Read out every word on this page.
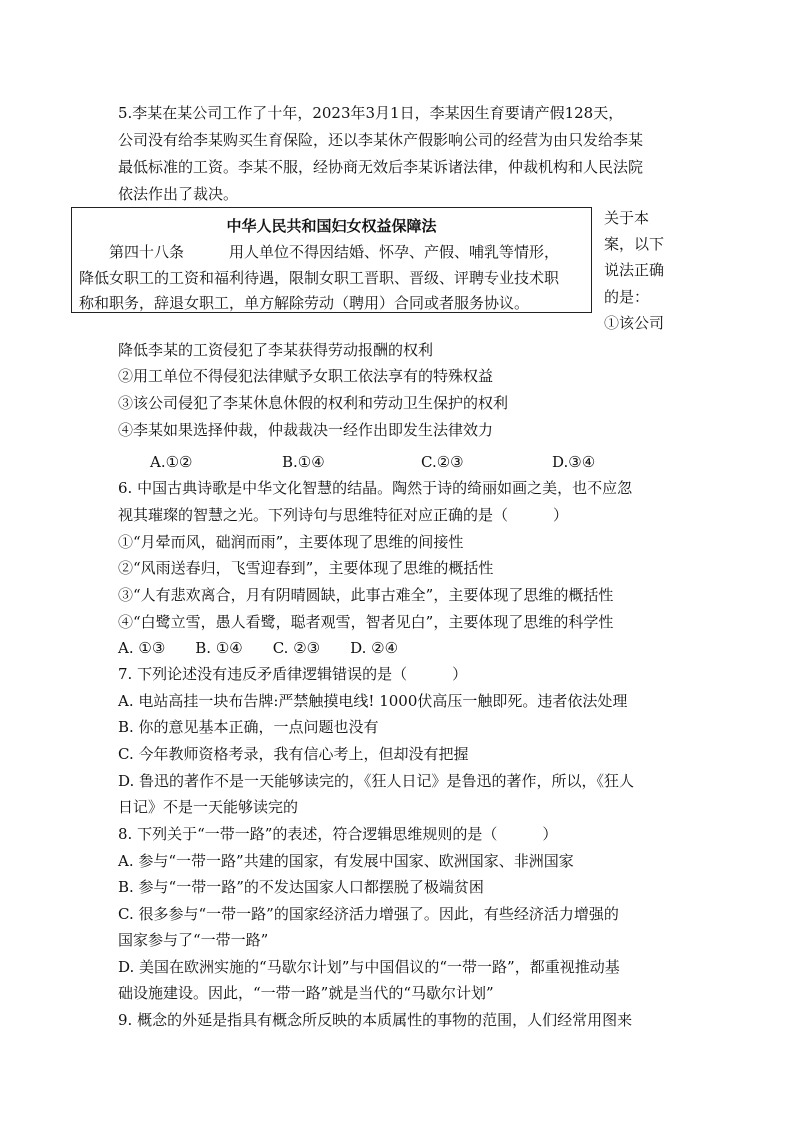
5.李某在某公司工作了十年，2023年3月1日，李某因生育要请产假128天，
公司没有给李某购买生育保险，还以李某休产假影响公司的经营为由只发给李某
最低标准的工资。李某不服，经协商无效后李某诉诸法律，仲裁机构和人民法院
依法作出了裁决。
中华人民共和国妇女权益保障法
第四十八条　　　用人单位不得因结婚、怀孕、产假、哺乳等情形，
降低女职工的工资和福利待遇，限制女职工晋职、晋级、评聘专业技术职
称和职务，辞退女职工，单方解除劳动（聘用）合同或者服务协议。
关于本
案，以下
说法正确
的是：
①该公司
降低李某的工资侵犯了李某获得劳动报酬的权利
②用工单位不得侵犯法律赋予女职工依法享有的特殊权益
③该公司侵犯了李某休息休假的权利和劳动卫生保护的权利
④李某如果选择仲裁，仲裁裁决一经作出即发生法律效力
A.①②	B.①④	C.②③	D.③④
6. 中国古典诗歌是中华文化智慧的结晶。陶然于诗的绮丽如画之美，也不应忽
视其璀璨的智慧之光。下列诗句与思维特征对应正确的是（　　　）
①“月晕而风，础润而雨”，主要体现了思维的间接性
②“风雨送春归，飞雪迎春到”，主要体现了思维的概括性
③“人有悲欢离合，月有阴晴圆缺，此事古难全”，主要体现了思维的概括性
④“白鹭立雪，愚人看鹭，聪者观雪，智者见白”，主要体现了思维的科学性
A. ①③　　B. ①④　　C. ②③　　D. ②④
7. 下列论述没有违反矛盾律逻辑错误的是（　　　）
A. 电站高挂一块布告牌:严禁触摸电线! 1000伏高压一触即死。违者依法处理
B. 你的意见基本正确，一点问题也没有
C. 今年教师资格考录，我有信心考上，但却没有把握
D. 鲁迅的著作不是一天能够读完的，《狂人日记》是鲁迅的著作，所以，《狂人
日记》不是一天能够读完的
8. 下列关于“一带一路”的表述，符合逻辑思维规则的是（　　　）
A. 参与“一带一路”共建的国家，有发展中国家、欧洲国家、非洲国家
B. 参与“一带一路”的不发达国家人口都摆脱了极端贫困
C. 很多参与“一带一路”的国家经济活力增强了。因此，有些经济活力增强的
国家参与了“一带一路”
D. 美国在欧洲实施的“马歇尔计划”与中国倡议的“一带一路”，都重视推动基
础设施建设。因此，“一带一路”就是当代的“马歇尔计划”
9. 概念的外延是指具有概念所反映的本质属性的事物的范围，人们经常用图来
